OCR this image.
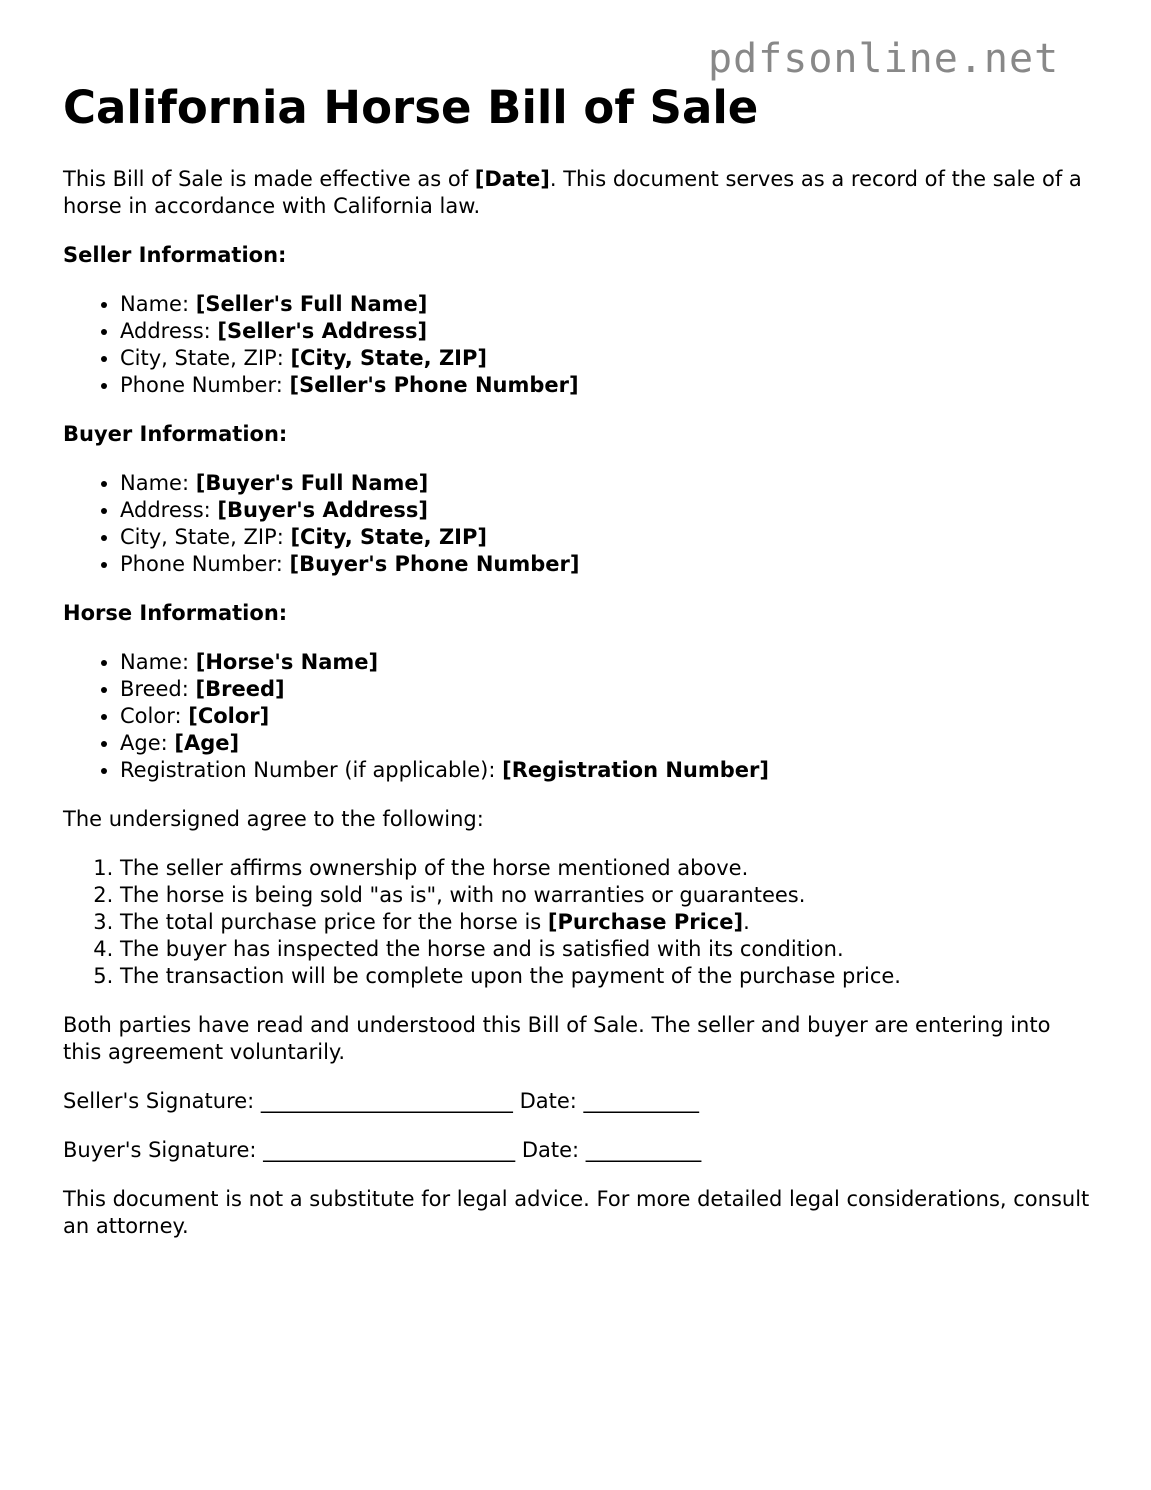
pdfsonline.net
California Horse Bill of Sale

This Bill of Sale is made effective as of [Date]. This document serves as a record of the sale of a horse in accordance with California law.

Seller Information:
• Name: [Seller's Full Name]
• Address: [Seller's Address]
• City, State, ZIP: [City, State, ZIP]
• Phone Number: [Seller's Phone Number]
Buyer Information:
• Name: [Buyer's Full Name]
• Address: [Buyer's Address]
• City, State, ZIP: [City, State, ZIP]
• Phone Number: [Buyer's Phone Number]
Horse Information:
• Name: [Horse's Name]
• Breed: [Breed]
• Color: [Color]
• Age: [Age]
• Registration Number (if applicable): [Registration Number]

The undersigned agree to the following:

1. The seller affirms ownership of the horse mentioned above.
2. The horse is being sold "as is", with no warranties or guarantees.
3. The total purchase price for the horse is [Purchase Price].
4. The buyer has inspected the horse and is satisfied with its condition.
5. The transaction will be complete upon the payment of the purchase price.

Both parties have read and understood this Bill of Sale. The seller and buyer are entering into this agreement voluntarily.

Seller's Signature: ________________________ Date: ___________

Buyer's Signature: ________________________ Date: ___________

This document is not a substitute for legal advice. For more detailed legal considerations, consult an attorney.
